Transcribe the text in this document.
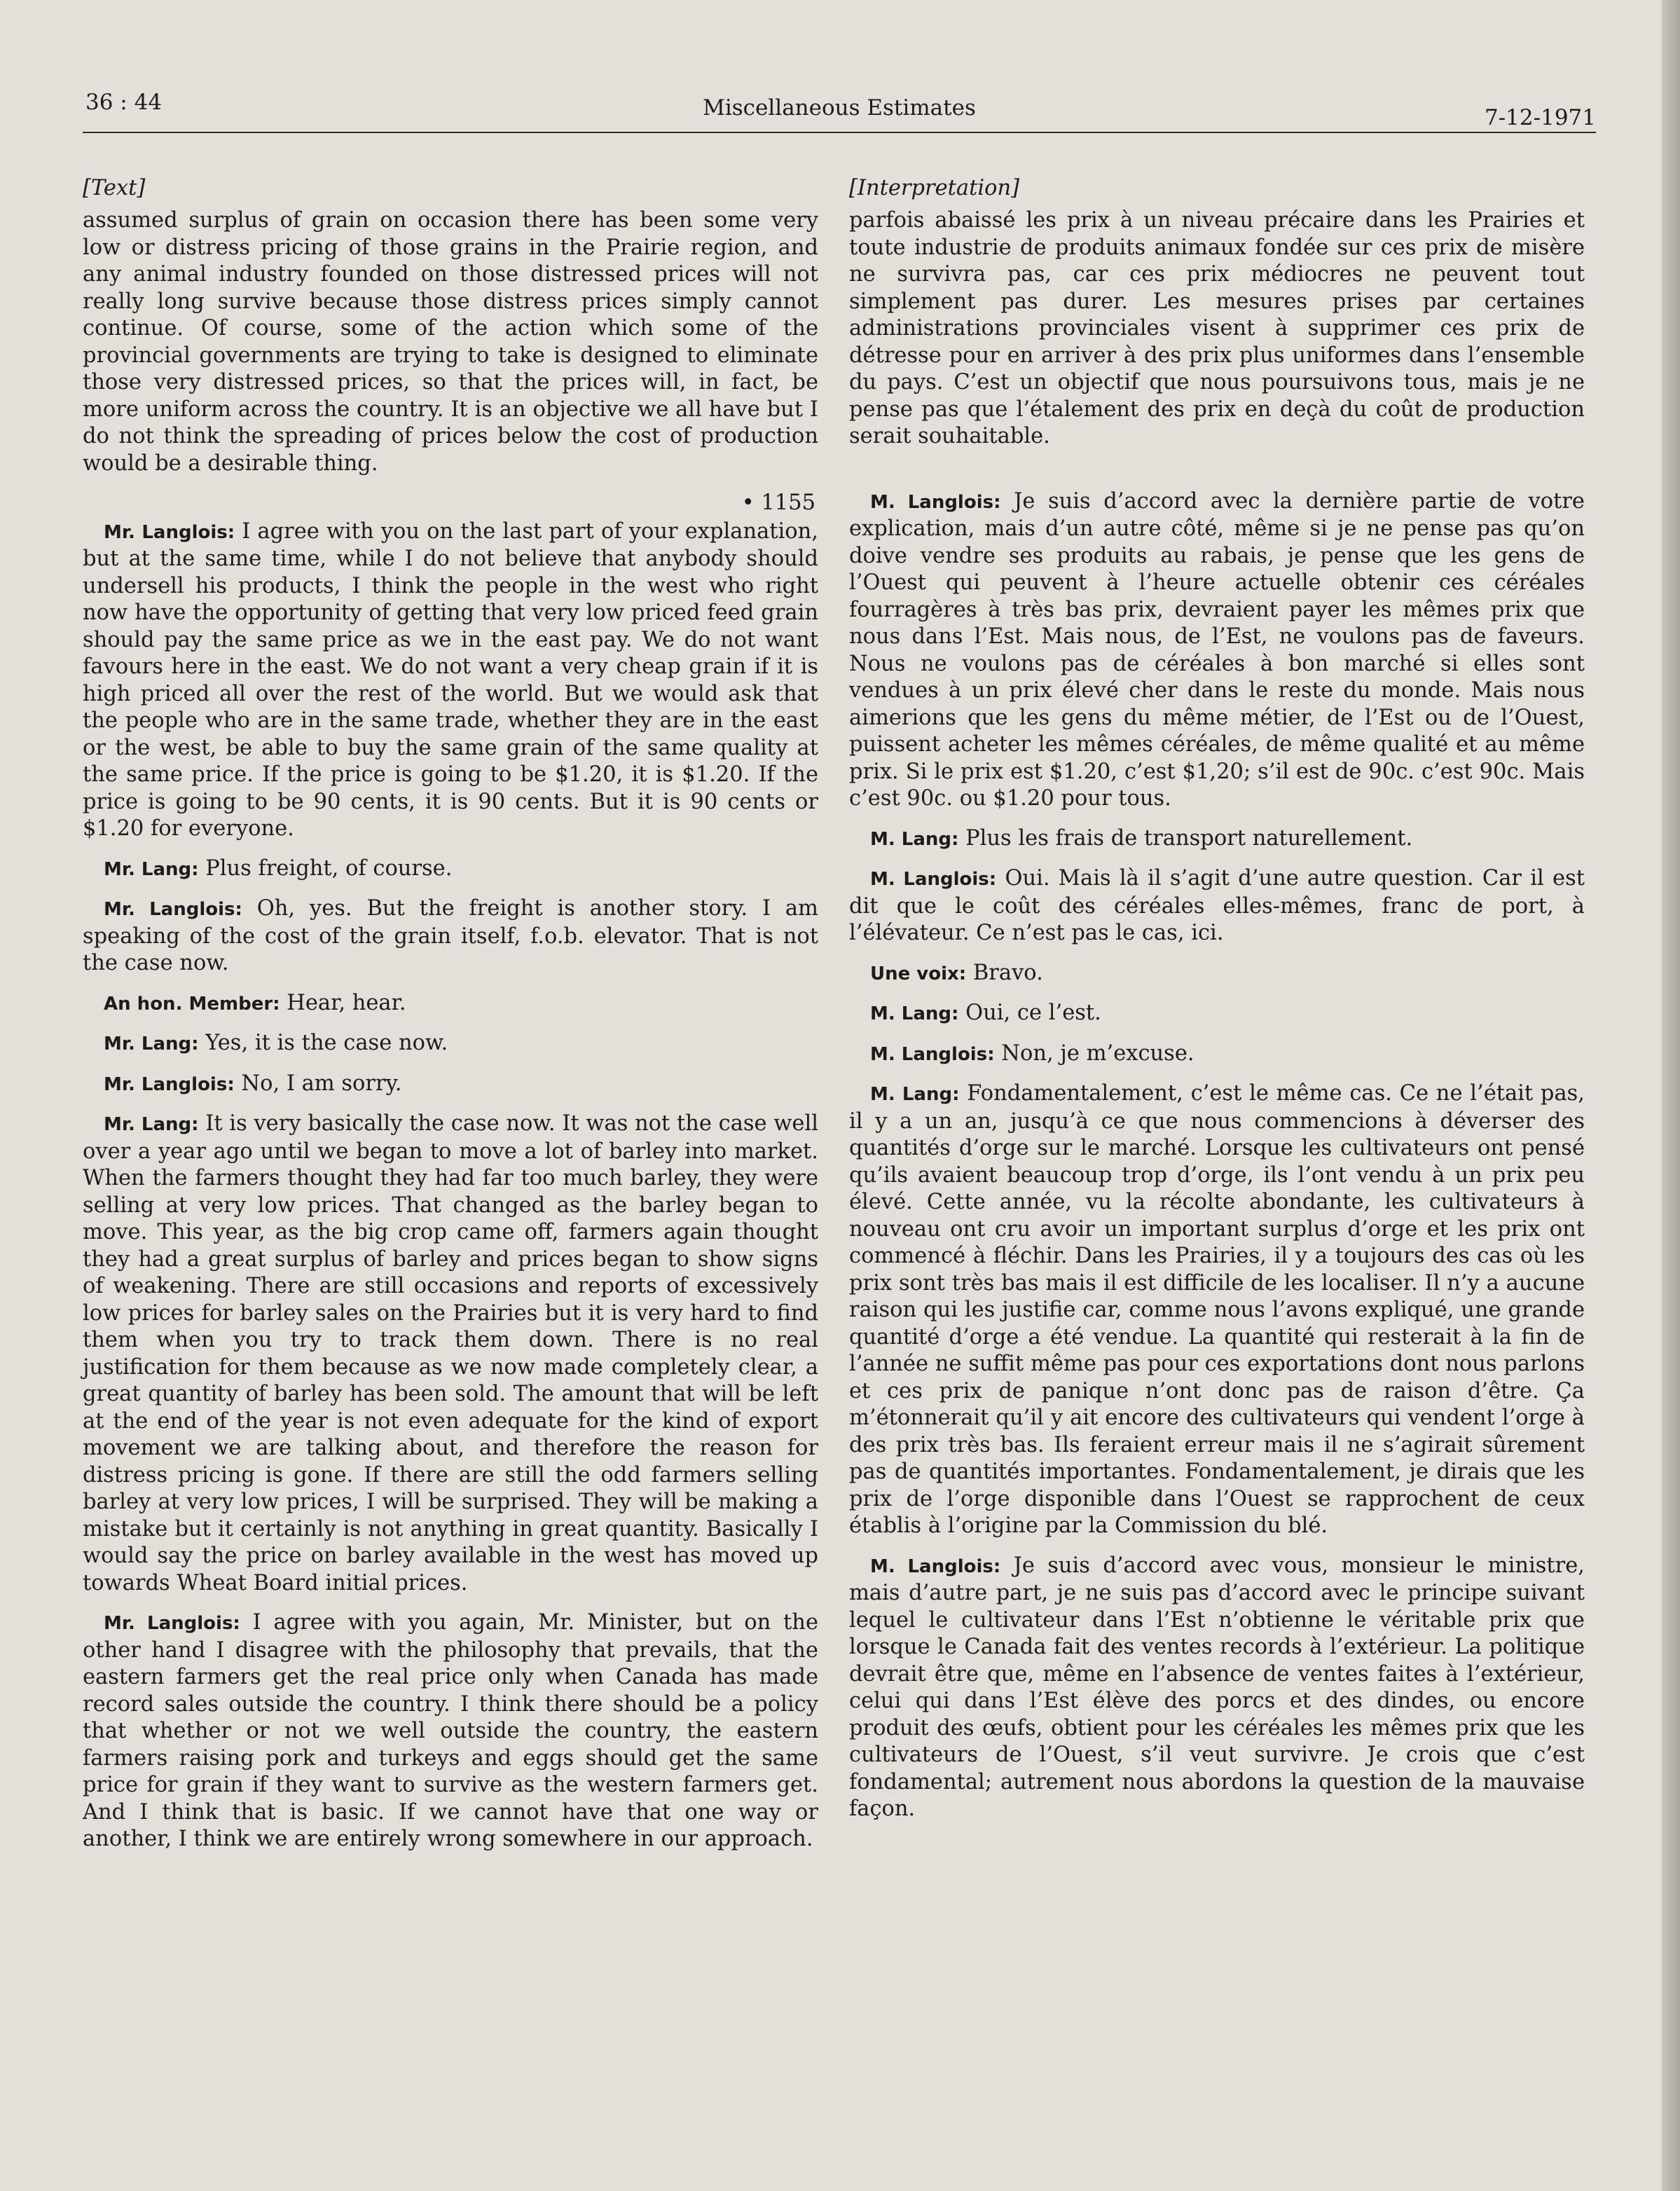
36 : 44	Miscellaneous Estimates	7-12-1971
[Text]

assumed surplus of grain on occasion there has been some very low or distress pricing of those grains in the Prairie region, and any animal industry founded on those distressed prices will not really long survive because those distress prices simply cannot continue. Of course, some of the action which some of the provincial governments are trying to take is designed to eliminate those very distressed prices, so that the prices will, in fact, be more uniform across the country. It is an objective we all have but I do not think the spreading of prices below the cost of production would be a desirable thing.

• 1155

Mr. Langlois: I agree with you on the last part of your explanation, but at the same time, while I do not believe that anybody should undersell his products, I think the people in the west who right now have the opportunity of getting that very low priced feed grain should pay the same price as we in the east pay. We do not want favours here in the east. We do not want a very cheap grain if it is high priced all over the rest of the world. But we would ask that the people who are in the same trade, whether they are in the east or the west, be able to buy the same grain of the same quality at the same price. If the price is going to be $1.20, it is $1.20. If the price is going to be 90 cents, it is 90 cents. But it is 90 cents or $1.20 for everyone.

Mr. Lang: Plus freight, of course.

Mr. Langlois: Oh, yes. But the freight is another story. I am speaking of the cost of the grain itself, f.o.b. elevator. That is not the case now.

An hon. Member: Hear, hear.

Mr. Lang: Yes, it is the case now.

Mr. Langlois: No, I am sorry.

Mr. Lang: It is very basically the case now. It was not the case well over a year ago until we began to move a lot of barley into market. When the farmers thought they had far too much barley, they were selling at very low prices. That changed as the barley began to move. This year, as the big crop came off, farmers again thought they had a great surplus of barley and prices began to show signs of weakening. There are still occasions and reports of excessively low prices for barley sales on the Prairies but it is very hard to find them when you try to track them down. There is no real justification for them because as we now made completely clear, a great quantity of barley has been sold. The amount that will be left at the end of the year is not even adequate for the kind of export movement we are talking about, and therefore the reason for distress pricing is gone. If there are still the odd farmers selling barley at very low prices, I will be surprised. They will be making a mistake but it certainly is not anything in great quantity. Basically I would say the price on barley available in the west has moved up towards Wheat Board initial prices.

Mr. Langlois: I agree with you again, Mr. Minister, but on the other hand I disagree with the philosophy that prevails, that the eastern farmers get the real price only when Canada has made record sales outside the country. I think there should be a policy that whether or not we well outside the country, the eastern farmers raising pork and turkeys and eggs should get the same price for grain if they want to survive as the western farmers get. And I think that is basic. If we cannot have that one way or another, I think we are entirely wrong somewhere in our approach.

[Interpretation]

parfois abaissé les prix à un niveau précaire dans les Prairies et toute industrie de produits animaux fondée sur ces prix de misère ne survivra pas, car ces prix médiocres ne peuvent tout simplement pas durer. Les mesures prises par certaines administrations provinciales visent à supprimer ces prix de détresse pour en arriver à des prix plus uniformes dans l’ensemble du pays. C’est un objectif que nous poursuivons tous, mais je ne pense pas que l’étalement des prix en deçà du coût de production serait souhaitable.

M. Langlois: Je suis d’accord avec la dernière partie de votre explication, mais d’un autre côté, même si je ne pense pas qu’on doive vendre ses produits au rabais, je pense que les gens de l’Ouest qui peuvent à l’heure actuelle obtenir ces céréales fourragères à très bas prix, devraient payer les mêmes prix que nous dans l’Est. Mais nous, de l’Est, ne voulons pas de faveurs. Nous ne voulons pas de céréales à bon marché si elles sont vendues à un prix élevé cher dans le reste du monde. Mais nous aimerions que les gens du même métier, de l’Est ou de l’Ouest, puissent acheter les mêmes céréales, de même qualité et au même prix. Si le prix est $1.20, c’est $1,20; s’il est de 90c. c’est 90c. Mais c’est 90c. ou $1.20 pour tous.

M. Lang: Plus les frais de transport naturellement.

M. Langlois: Oui. Mais là il s’agit d’une autre question. Car il est dit que le coût des céréales elles-mêmes, franc de port, à l’élévateur. Ce n’est pas le cas, ici.

Une voix: Bravo.

M. Lang: Oui, ce l’est.

M. Langlois: Non, je m’excuse.

M. Lang: Fondamentalement, c’est le même cas. Ce ne l’était pas, il y a un an, jusqu’à ce que nous commencions à déverser des quantités d’orge sur le marché. Lorsque les cultivateurs ont pensé qu’ils avaient beaucoup trop d’orge, ils l’ont vendu à un prix peu élevé. Cette année, vu la récolte abondante, les cultivateurs à nouveau ont cru avoir un important surplus d’orge et les prix ont commencé à fléchir. Dans les Prairies, il y a toujours des cas où les prix sont très bas mais il est difficile de les localiser. Il n’y a aucune raison qui les justifie car, comme nous l’avons expliqué, une grande quantité d’orge a été vendue. La quantité qui resterait à la fin de l’année ne suffit même pas pour ces exportations dont nous parlons et ces prix de panique n’ont donc pas de raison d’être. Ça m’étonnerait qu’il y ait encore des cultivateurs qui vendent l’orge à des prix très bas. Ils feraient erreur mais il ne s’agirait sûrement pas de quantités importantes. Fondamentalement, je dirais que les prix de l’orge disponible dans l’Ouest se rapprochent de ceux établis à l’origine par la Commission du blé.

M. Langlois: Je suis d’accord avec vous, monsieur le ministre, mais d’autre part, je ne suis pas d’accord avec le principe suivant lequel le cultivateur dans l’Est n’obtienne le véritable prix que lorsque le Canada fait des ventes records à l’extérieur. La politique devrait être que, même en l’absence de ventes faites à l’extérieur, celui qui dans l’Est élève des porcs et des dindes, ou encore produit des œufs, obtient pour les céréales les mêmes prix que les cultivateurs de l’Ouest, s’il veut survivre. Je crois que c’est fondamental; autrement nous abordons la question de la mauvaise façon.
